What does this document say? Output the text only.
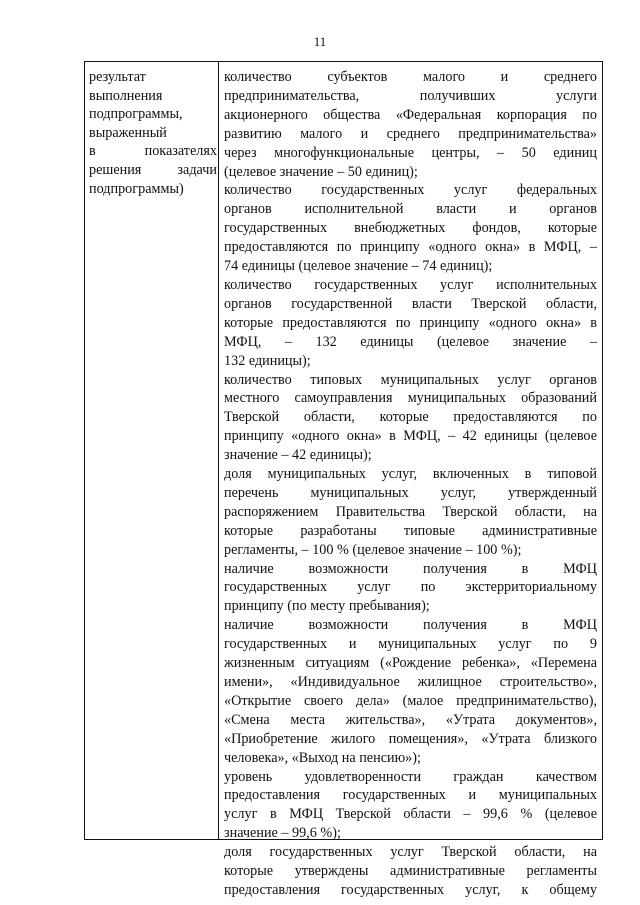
11
результат
выполнения
подпрограммы,
выраженный
в показателях
решения задачи
подпрограммы)
количество субъектов малого и среднего
предпринимательства, получивших услуги
акционерного общества «Федеральная корпорация по
развитию малого и среднего предпринимательства»
через многофункциональные центры, – 50 единиц
(целевое значение – 50 единиц);
количество государственных услуг федеральных
органов исполнительной власти и органов
государственных внебюджетных фондов, которые
предоставляются по принципу «одного окна» в МФЦ, –
74 единицы (целевое значение – 74 единиц);
количество государственных услуг исполнительных
органов государственной власти Тверской области,
которые предоставляются по принципу «одного окна» в
МФЦ, – 132 единицы (целевое значение –
132 единицы);
количество типовых муниципальных услуг органов
местного самоуправления муниципальных образований
Тверской области, которые предоставляются по
принципу «одного окна» в МФЦ, – 42 единицы (целевое
значение – 42 единицы);
доля муниципальных услуг, включенных в типовой
перечень муниципальных услуг, утвержденный
распоряжением Правительства Тверской области, на
которые разработаны типовые административные
регламенты, – 100 % (целевое значение – 100 %);
наличие возможности получения в МФЦ
государственных услуг по экстерриториальному
принципу (по месту пребывания);
наличие возможности получения в МФЦ
государственных и муниципальных услуг по 9
жизненным ситуациям («Рождение ребенка», «Перемена
имени», «Индивидуальное жилищное строительство»,
«Открытие своего дела» (малое предпринимательство),
«Смена места жительства», «Утрата документов»,
«Приобретение жилого помещения», «Утрата близкого
человека», «Выход на пенсию»);
уровень удовлетворенности граждан качеством
предоставления государственных и муниципальных
услуг в МФЦ Тверской области – 99,6 % (целевое
значение – 99,6 %);
доля государственных услуг Тверской области, на
которые утверждены административные регламенты
предоставления государственных услуг, к общему
